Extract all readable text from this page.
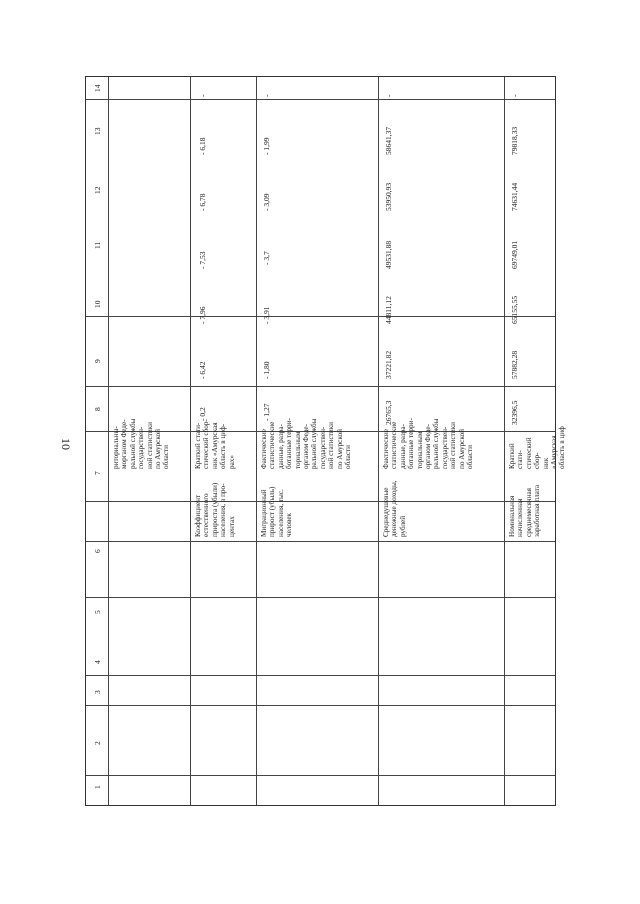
10
1
2
3
4
5
6
7
8
9
10
11
12
13
14
риториальны-
морганом Феде-
ральной службы
государствен-
ной статистики
по Амурской
области
Коэффициент
естественного
прироста (убыли)
населения, в про-
центах
Краткий стати-
стический сбор-
ник «Амурская
область в циф-
рах»
- 0,2
- 6,42
- 7,96
- 7,53
- 6,78
- 6,18
-
Миграционный
прирост (убыль)
населения, тыс.
человек
Фактические
статистические
данные, разра-
ботанные терри-
ториальным
органом Феде-
ральной службы
государствен-
ной статистики
по Амурской
области
- 1,27
- 1,80
- 3,91
- 3,7
- 3,09
- 1,99
-
Среднедушевые
денежные доходы,
рублей
Фактические
статистические
данные, разра-
ботанные терри-
ториальным
органом Феде-
ральной службы
государствен-
ной статистики
по Амурской
области
26765,3
37221,82
44811,12
49531,88
53950,93
58641,37
-
Номинальная
начисленная
среднемесячная
заработная плата
Краткий стати-
стический сбор-
ник «Амурская
область в циф
32396,5
57882,28
65155,55
69749,01
74631,44
79818,33
-
